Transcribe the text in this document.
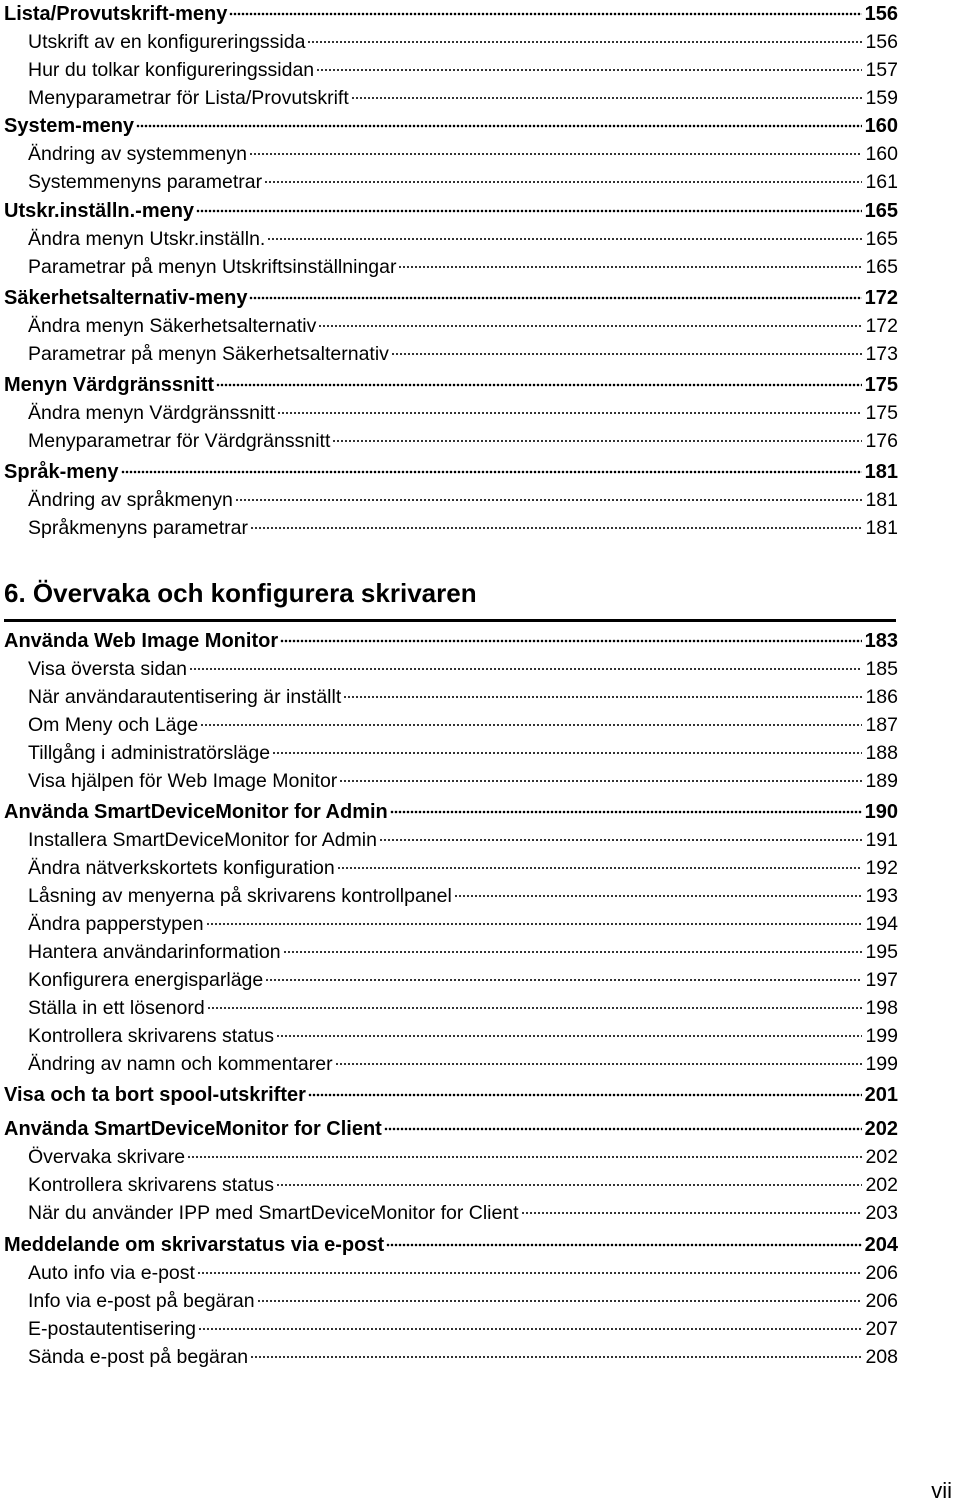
Lista/Provutskrift-meny	156
Utskrift av en konfigureringssida	156
Hur du tolkar konfigureringssidan	157
Menyparametrar för Lista/Provutskrift	159
System-meny	160
Ändring av systemmenyn	160
Systemmenyns parametrar	161
Utskr.inställn.-meny	165
Ändra menyn Utskr.inställn.	165
Parametrar på menyn Utskriftsinställningar	165
Säkerhetsalternativ-meny	172
Ändra menyn Säkerhetsalternativ	172
Parametrar på menyn Säkerhetsalternativ	173
Menyn Värdgränssnitt	175
Ändra menyn Värdgränssnitt	175
Menyparametrar för Värdgränssnitt	176
Språk-meny	181
Ändring av språkmenyn	181
Språkmenyns parametrar	181
Använda Web Image Monitor	183
Visa översta sidan	185
När användarautentisering är inställt	186
Om Meny och Läge	187
Tillgång i administratörsläge	188
Visa hjälpen för Web Image Monitor	189
Använda SmartDeviceMonitor for Admin	190
Installera SmartDeviceMonitor for Admin	191
Ändra nätverkskortets konfiguration	192
Låsning av menyerna på skrivarens kontrollpanel	193
Ändra papperstypen	194
Hantera användarinformation	195
Konfigurera energisparläge	197
Ställa in ett lösenord	198
Kontrollera skrivarens status	199
Ändring av namn och kommentarer	199
Visa och ta bort spool-utskrifter	201
Använda SmartDeviceMonitor for Client	202
Övervaka skrivare	202
Kontrollera skrivarens status	202
När du använder IPP med SmartDeviceMonitor for Client	203
Meddelande om skrivarstatus via e-post	204
Auto info via e-post	206
Info via e-post på begäran	206
E-postautentisering	207
Sända e-post på begäran	208
6. Övervaka och konfigurera skrivaren
vii
